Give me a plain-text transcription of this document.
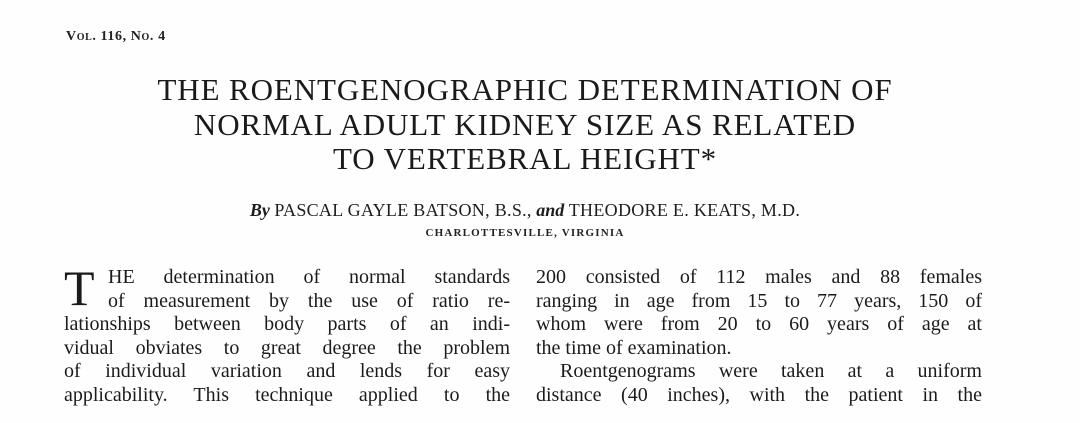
Vol. 116, No. 4
THE ROENTGENOGRAPHIC DETERMINATION OF
NORMAL ADULT KIDNEY SIZE AS RELATED
TO VERTEBRAL HEIGHT*
By PASCAL GAYLE BATSON, B.S., and THEODORE E. KEATS, M.D.
CHARLOTTESVILLE, VIRGINIA
T HE determination of normal standards
of measurement by the use of ratio re-
lationships between body parts of an indi-
vidual obviates to great degree the problem
of individual variation and lends for easy
applicability. This technique applied to the
200 consisted of 112 males and 88 females
ranging in age from 15 to 77 years, 150 of
whom were from 20 to 60 years of age at
the time of examination.
Roentgenograms were taken at a uniform
distance (40 inches), with the patient in the
